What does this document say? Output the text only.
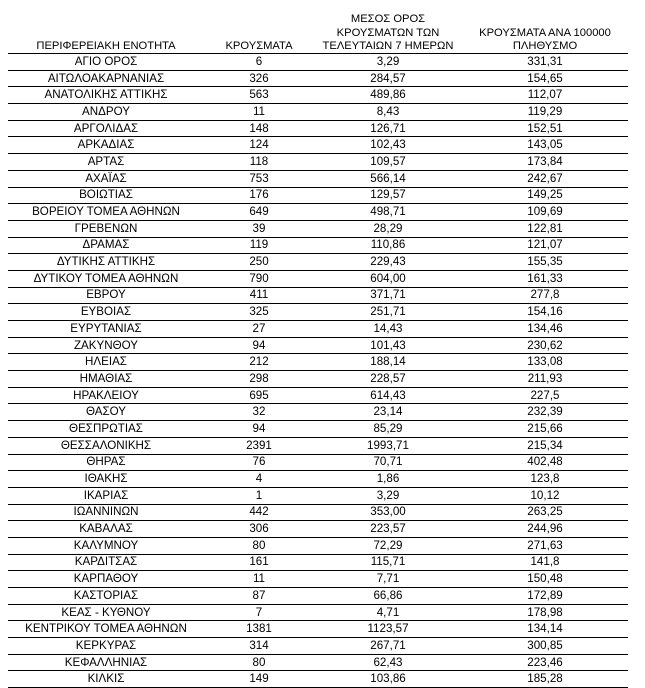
ΠΕΡΙΦΕΡΕΙΑΚΗ ΕΝΟΤΗΤΑ	ΚΡΟΥΣΜΑΤΑ	ΜΕΣΟΣ ΟΡΟΣ
ΚΡΟΥΣΜΑΤΩΝ ΤΩΝ
ΤΕΛΕΥΤΑΙΩΝ 7 ΗΜΕΡΩΝ	ΚΡΟΥΣΜΑΤΑ ΑΝΑ 100000
ΠΛΗΘΥΣΜΟ

ΑΓΙΟ ΟΡΟΣ	6	3,29	331,31
ΑΙΤΩΛΟΑΚΑΡΝΑΝΙΑΣ	326	284,57	154,65
ΑΝΑΤΟΛΙΚΗΣ ΑΤΤΙΚΗΣ	563	489,86	112,07
ΑΝΔΡΟΥ	11	8,43	119,29
ΑΡΓΟΛΙΔΑΣ	148	126,71	152,51
ΑΡΚΑΔΙΑΣ	124	102,43	143,05
ΑΡΤΑΣ	118	109,57	173,84
ΑΧΑΪΑΣ	753	566,14	242,67
ΒΟΙΩΤΙΑΣ	176	129,57	149,25
ΒΟΡΕΙΟΥ ΤΟΜΕΑ ΑΘΗΝΩΝ	649	498,71	109,69
ΓΡΕΒΕΝΩΝ	39	28,29	122,81
ΔΡΑΜΑΣ	119	110,86	121,07
ΔΥΤΙΚΗΣ ΑΤΤΙΚΗΣ	250	229,43	155,35
ΔΥΤΙΚΟΥ ΤΟΜΕΑ ΑΘΗΝΩΝ	790	604,00	161,33
ΕΒΡΟΥ	411	371,71	277,8
ΕΥΒΟΙΑΣ	325	251,71	154,16
ΕΥΡΥΤΑΝΙΑΣ	27	14,43	134,46
ΖΑΚΥΝΘΟΥ	94	101,43	230,62
ΗΛΕΙΑΣ	212	188,14	133,08
ΗΜΑΘΙΑΣ	298	228,57	211,93
ΗΡΑΚΛΕΙΟΥ	695	614,43	227,5
ΘΑΣΟΥ	32	23,14	232,39
ΘΕΣΠΡΩΤΙΑΣ	94	85,29	215,66
ΘΕΣΣΑΛΟΝΙΚΗΣ	2391	1993,71	215,34
ΘΗΡΑΣ	76	70,71	402,48
ΙΘΑΚΗΣ	4	1,86	123,8
ΙΚΑΡΙΑΣ	1	3,29	10,12
ΙΩΑΝΝΙΝΩΝ	442	353,00	263,25
ΚΑΒΑΛΑΣ	306	223,57	244,96
ΚΑΛΥΜΝΟΥ	80	72,29	271,63
ΚΑΡΔΙΤΣΑΣ	161	115,71	141,8
ΚΑΡΠΑΘΟΥ	11	7,71	150,48
ΚΑΣΤΟΡΙΑΣ	87	66,86	172,89
ΚΕΑΣ - ΚΥΘΝΟΥ	7	4,71	178,98
ΚΕΝΤΡΙΚΟΥ ΤΟΜΕΑ ΑΘΗΝΩΝ	1381	1123,57	134,14
ΚΕΡΚΥΡΑΣ	314	267,71	300,85
ΚΕΦΑΛΛΗΝΙΑΣ	80	62,43	223,46
ΚΙΛΚΙΣ	149	103,86	185,28
